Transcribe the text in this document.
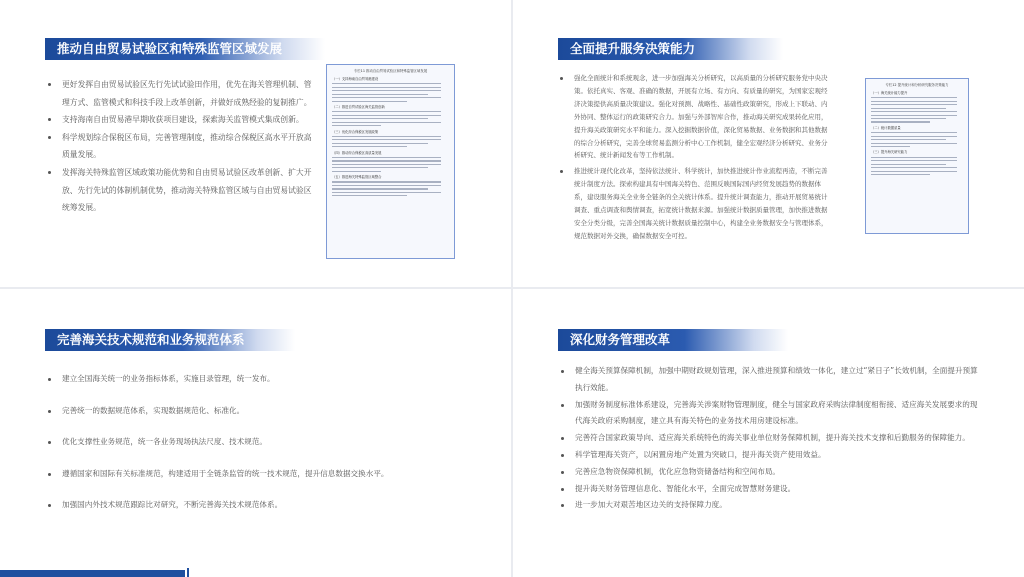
推动自由贸易试验区和特殊监管区域发展
更好发挥自由贸易试验区先行先试试验田作用，优先在海关管理机制、管理方式、监管模式和科技手段上改革创新，并做好成熟经验的复制推广。
支持海南自由贸易港早期收获项目建设，探索海关监管模式集成创新。
科学规划综合保税区布局，完善管理制度，推动综合保税区高水平开放高质量发展。
发挥海关特殊监管区域政策功能优势和自由贸易试验区改革创新、扩大开放、先行先试的体制机制优势，推动海关特殊监管区域与自由贸易试验区统筹发展。
专栏11 推动自由贸易试验区和特殊监管区域发展
（一）支持海南自由贸易港建设
（二）推进自贸试验区海关监管创新
（三）优化综合保税区发展政策
（四）推动综合保税区高质量发展
（五）推进海关特殊监管区域整合
全面提升服务决策能力
强化全面统计和系统观念，进一步加强海关分析研究，以高质量的分析研究服务党中央决策。依托真实、客观、准确的数据，开展有立场、有方向、有质量的研究，为国家宏观经济决策提供高质量决策建议。强化对预测、战略性、基础性政策研究，形成上下联动、内外协同、整体运行的政策研究合力。加强与外部智库合作，推动海关研究成果转化应用，提升海关政策研究水平和能力。深入挖掘数据价值，深化贸易数据、业务数据和其他数据的综合分析研究，完善全球贸易监测分析中心工作机制，健全宏观经济分析研究、业务分析研究、统计新闻发布等工作机制。
推进统计现代化改革，坚持依法统计、科学统计，加快推进统计作业流程再造，不断完善统计制度方法。探索构建具有中国海关特色、范围反映国际国内经贸发展趋势的数据体系，建设服务海关全业务全链条的全关统计体系。提升统计调查能力，推动开展贸易统计调查、重点调查和舆情调查，拓宽统计数据来源。加强统计数据质量管理，加快推进数据安全分类分级，完善全国海关统计数据质量控制中心，构建全业务数据安全与管理体系，规范数据对外交换，确保数据安全可控。
专栏12 提升统计和分析研究服务决策能力
（一）海关统计能力提升
（二）统计数据质量
（三）提升海关研究能力
完善海关技术规范和业务规范体系
建立全国海关统一的业务指标体系，实施目录管理，统一发布。
完善统一的数据规范体系，实现数据规范化、标准化。
优化支撑性业务规范，统一各业务现场执法尺度、技术规范。
遵循国家和国际有关标准规范，构建适用于全链条监管的统一技术规范，提升信息数据交换水平。
加强国内外技术规范跟踪比对研究，不断完善海关技术规范体系。
深化财务管理改革
健全海关预算保障机制，加强中期财政规划管理，深入推进预算和绩效一体化，建立过“紧日子”长效机制，全面提升预算执行效能。
加强财务制度标准体系建设，完善海关涉案财物管理制度，健全与国家政府采购法律制度相衔接、适应海关发展要求的现代海关政府采购制度，建立具有海关特色的业务技术用房建设标准。
完善符合国家政策导向、适应海关系统特色的海关事业单位财务保障机制，提升海关技术支撑和后勤服务的保障能力。
科学管理海关资产，以闲置房地产处置为突破口，提升海关资产使用效益。
完善应急物资保障机制，优化应急物资储备结构和空间布局。
提升海关财务管理信息化、智能化水平，全面完成智慧财务建设。
进一步加大对艰苦地区边关的支持保障力度。
